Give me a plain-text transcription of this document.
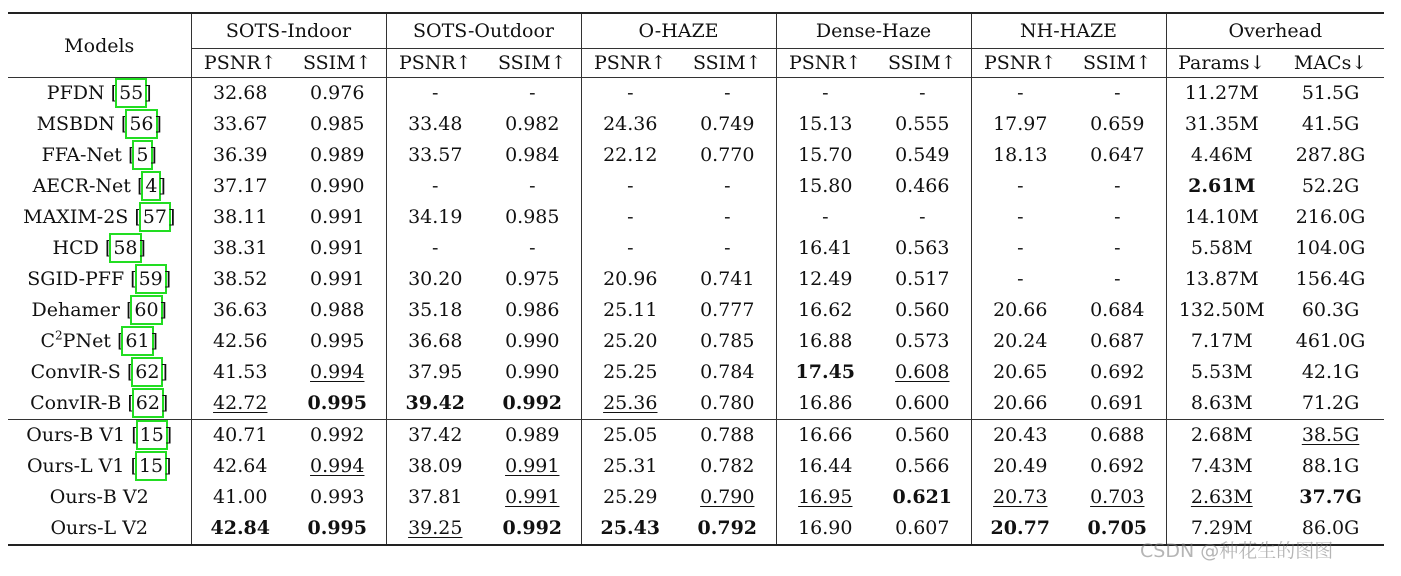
Models	SOTS-Indoor		SOTS-Outdoor		O-HAZE		Dense-Haze		NH-HAZE		Overhead	
	PSNR↑	SSIM↑	PSNR↑	SSIM↑	PSNR↑	SSIM↑	PSNR↑	SSIM↑	PSNR↑	SSIM↑	Params↓	MACs↓
PFDN [55]	32.68	0.976	-	-	-	-	-	-	-	-	11.27M	51.5G
MSBDN [56]	33.67	0.985	33.48	0.982	24.36	0.749	15.13	0.555	17.97	0.659	31.35M	41.5G
FFA-Net [5]	36.39	0.989	33.57	0.984	22.12	0.770	15.70	0.549	18.13	0.647	4.46M	287.8G
AECR-Net [4]	37.17	0.990	-	-	-	-	15.80	0.466	-	-	2.61M	52.2G
MAXIM-2S [57]	38.11	0.991	34.19	0.985	-	-	-	-	-	-	14.10M	216.0G
HCD [58]	38.31	0.991	-	-	-	-	16.41	0.563	-	-	5.58M	104.0G
SGID-PFF [59]	38.52	0.991	30.20	0.975	20.96	0.741	12.49	0.517	-	-	13.87M	156.4G
Dehamer [60]	36.63	0.988	35.18	0.986	25.11	0.777	16.62	0.560	20.66	0.684	132.50M	60.3G
$C^2PNet$ [61]	42.56	0.995	36.68	0.990	25.20	0.785	16.88	0.573	20.24	0.687	7.17M	461.0G
ConvIR-S [62]	41.53	0.994	37.95	0.990	25.25	0.784	17.45	0.608	20.65	0.692	5.53M	42.1G
ConvIR-B [62]	42.72	0.995	39.42	0.992	25.36	0.780	16.86	0.600	20.66	0.691	8.63M	71.2G
Ours-B V1 [15]	40.71	0.992	37.42	0.989	25.05	0.788	16.66	0.560	20.43	0.688	2.68M	38.5G
Ours-L V1 [15]	42.64	0.994	38.09	0.991	25.31	0.782	16.44	0.566	20.49	0.692	7.43M	88.1G
Ours-B V2	41.00	0.993	37.81	0.991	25.29	0.790	16.95	0.621	20.73	0.703	2.63M	37.7G
Ours-L V2	42.84	0.995	39.25	0.992	25.43	0.792	16.90	0.607	20.77	0.705	7.29M	86.0G
CSDN @种花生的图图
